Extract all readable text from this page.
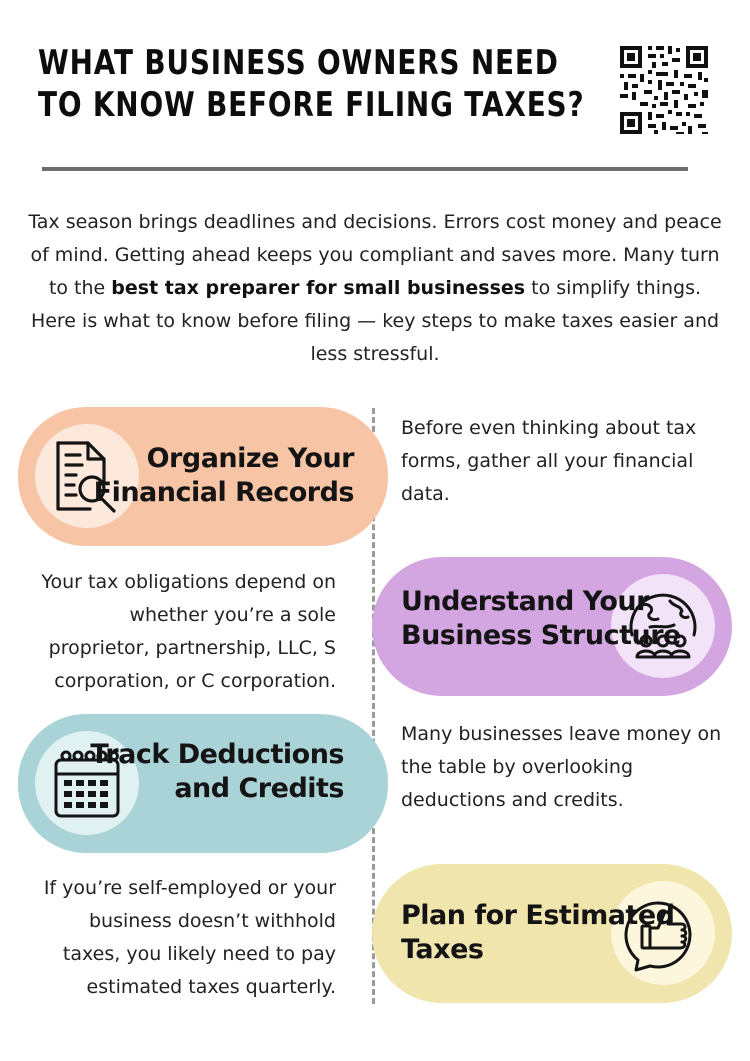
WHAT BUSINESS OWNERS NEED
TO KNOW BEFORE FILING TAXES?

Tax season brings deadlines and decisions. Errors cost money and peace of mind. Getting ahead keeps you compliant and saves more. Many turn to the best tax preparer for small businesses to simplify things. Here is what to know before filing — key steps to make taxes easier and less stressful.

Organize Your
Financial Records

Before even thinking about tax forms, gather all your financial data.

Understand Your
Business Structure

Your tax obligations depend on whether you’re a sole proprietor, partnership, LLC, S corporation, or C corporation.

Track Deductions
and Credits

Many businesses leave money on the table by overlooking deductions and credits.

Plan for Estimated
Taxes

If you’re self-employed or your business doesn’t withhold taxes, you likely need to pay estimated taxes quarterly.
